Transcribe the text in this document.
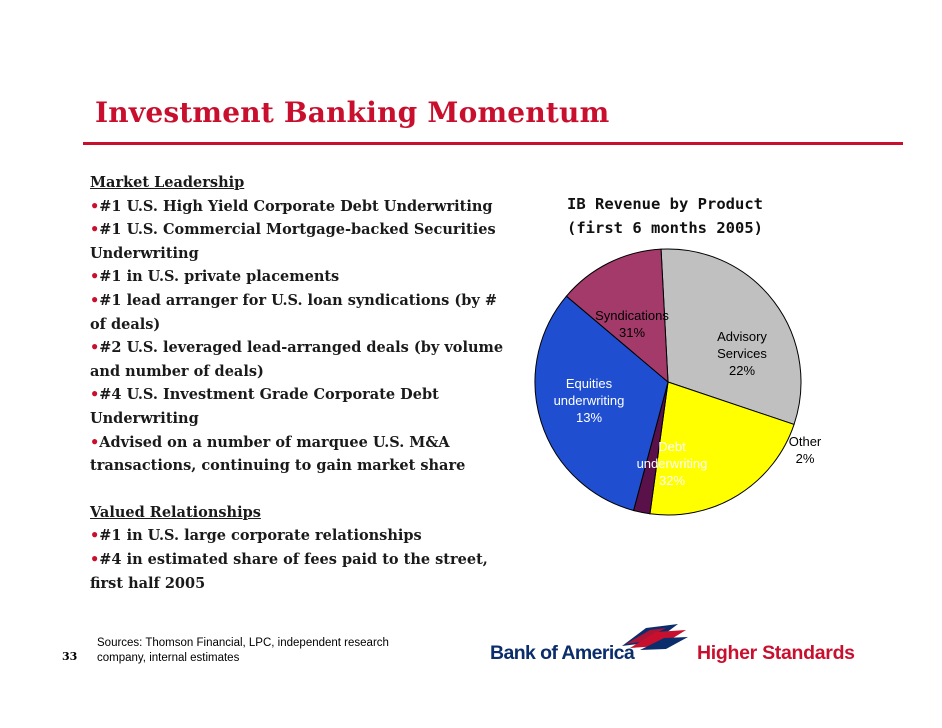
Investment Banking Momentum
Market Leadership
•#1 U.S. High Yield Corporate Debt Underwriting
•#1 U.S. Commercial Mortgage-backed Securities Underwriting
•#1 in U.S. private placements
•#1 lead arranger for U.S. loan syndications (by # of deals)
•#2 U.S. leveraged lead-arranged deals (by volume and number of deals)
•#4 U.S. Investment Grade Corporate Debt Underwriting
•Advised on a number of marquee U.S. M&A transactions, continuing to gain market share
Valued Relationships
•#1 in U.S. large corporate relationships
•#4 in estimated share of fees paid to the street, first half 2005
IB Revenue by Product
(first 6 months 2005)
Syndications 31%	Advisory Services 22%
Other 2%
Debt underwriting 32%
Equities underwriting 13%
33
Sources: Thomson Financial, LPC, independent research company, internal estimates	Bank of America	Higher Standards
